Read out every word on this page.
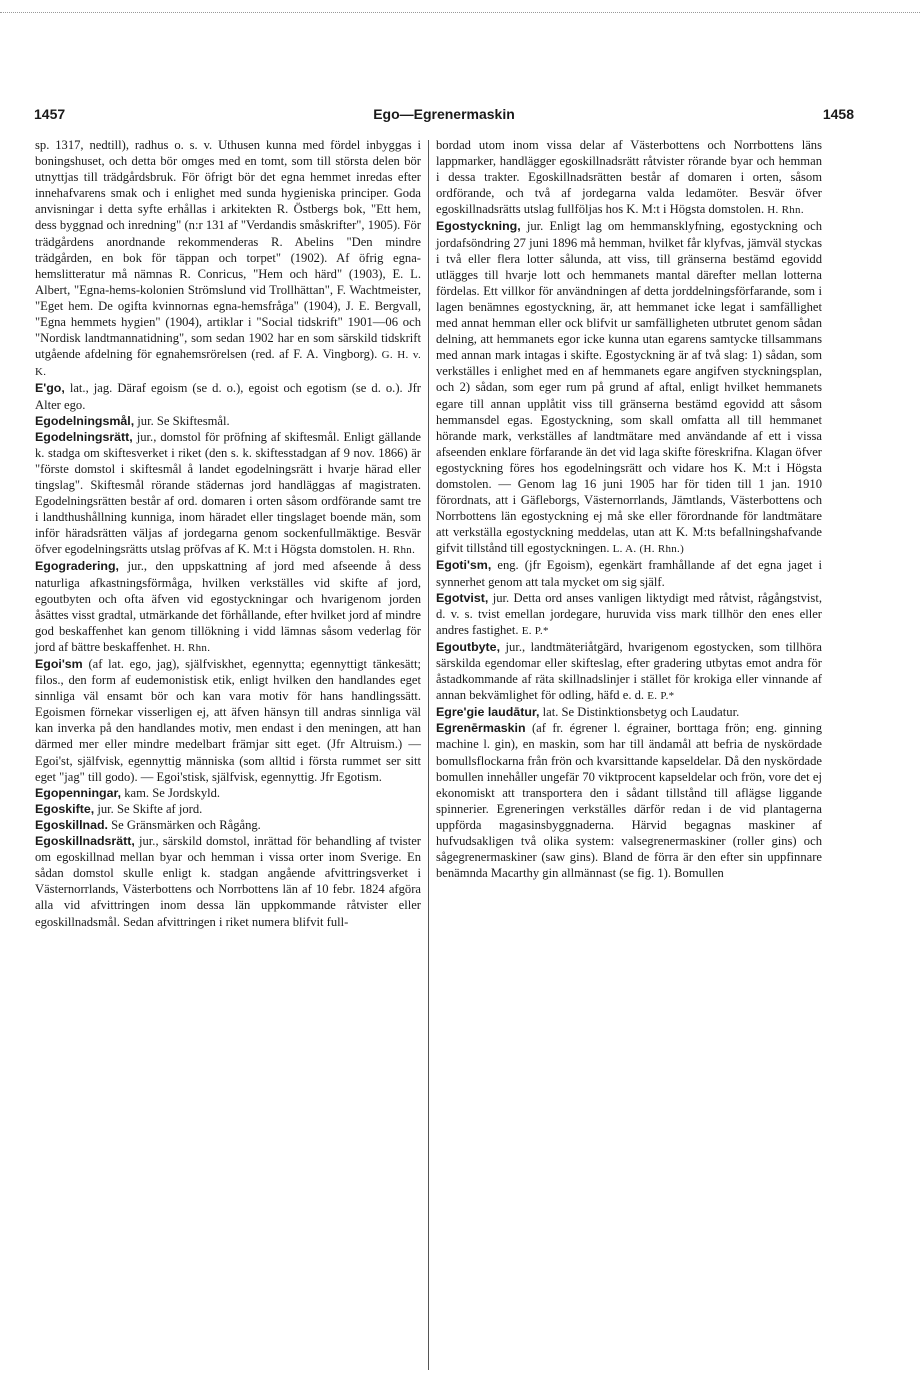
1457	Ego—Egrenermaskin	1458

sp. 1317, nedtill), radhus o. s. v. Uthusen kunna med fördel inbyggas i boningshuset, och detta bör omges med en tomt, som till största delen bör utnyttjas till trädgårdsbruk. För öfrigt bör det egna hemmet inredas efter innehafvarens smak och i enlighet med sunda hygieniska principer. Goda anvisningar i detta syfte erhållas i arkitekten R. Östbergs bok, "Ett hem, dess byggnad och inredning" (n:r 131 af "Verdandis småskrifter", 1905). För trädgårdens anordnande rekommenderas R. Abelins "Den mindre trädgården, en bok för täppan och torpet" (1902). Af öfrig egna-hemslitteratur må nämnas R. Conricus, "Hem och härd" (1903), E. L. Albert, "Egna-hems-kolonien Strömslund vid Trollhättan", F. Wachtmeister, "Eget hem. De ogifta kvinnornas egna-hemsfråga" (1904), J. E. Bergvall, "Egna hemmets hygien" (1904), artiklar i "Social tidskrift" 1901—06 och "Nordisk landtmannatidning", som sedan 1902 har en som särskild tidskrift utgående afdelning för egnahemsrörelsen (red. af F. A. Vingborg). G. H. v. K.

E'go, lat., jag. Däraf egoism (se d. o.), egoist och egotism (se d. o.). Jfr Alter ego.

Egodelningsmål, jur. Se Skiftesmål.

Egodelningsrätt, jur., domstol för pröfning af skiftesmål. Enligt gällande k. stadga om skiftesverket i riket (den s. k. skiftesstadgan af 9 nov. 1866) är "förste domstol i skiftesmål å landet egodelningsrätt i hvarje härad eller tingslag". Skiftesmål rörande städernas jord handläggas af magistraten. Egodelningsrätten består af ord. domaren i orten såsom ordförande samt tre i landthushållning kunniga, inom häradet eller tingslaget boende män, som inför häradsrätten väljas af jordegarna genom sockenfullmäktige. Besvär öfver egodelningsrätts utslag pröfvas af K. M:t i Högsta domstolen. H. Rhn.

Egogradering, jur., den uppskattning af jord med afseende å dess naturliga afkastningsförmåga, hvilken verkställes vid skifte af jord, egoutbyten och ofta äfven vid egostyckningar och hvarigenom jorden åsättes visst gradtal, utmärkande det förhållande, efter hvilket jord af mindre god beskaffenhet kan genom tillökning i vidd lämnas såsom vederlag för jord af bättre beskaffenhet. H. Rhn.

Egoi'sm (af lat. ego, jag), själfviskhet, egennytta; egennyttigt tänkesätt; filos., den form af eudemonistisk etik, enligt hvilken den handlandes eget sinnliga väl ensamt bör och kan vara motiv för hans handlingssätt. Egoismen förnekar visserligen ej, att äfven hänsyn till andras sinnliga väl kan inverka på den handlandes motiv, men endast i den meningen, att han därmed mer eller mindre medelbart främjar sitt eget. (Jfr Altruism.) — Egoi'st, själfvisk, egennyttig människa (som alltid i första rummet ser sitt eget "jag" till godo). — Egoi'stisk, själfvisk, egennyttig. Jfr Egotism.

Egopenningar, kam. Se Jordskyld.

Egoskifte, jur. Se Skifte af jord.

Egoskillnad. Se Gränsmärken och Rågång.

Egoskillnadsrätt, jur., särskild domstol, inrättad för behandling af tvister om egoskillnad mellan byar och hemman i vissa orter inom Sverige. En sådan domstol skulle enligt k. stadgan angående afvittringsverket i Västernorrlands, Västerbottens och Norrbottens län af 10 febr. 1824 afgöra alla vid afvittringen inom dessa län uppkommande råtvister eller egoskillnadsmål. Sedan afvittringen i riket numera blifvit full-

bordad utom inom vissa delar af Västerbottens och Norrbottens läns lappmarker, handlägger egoskillnadsrätt råtvister rörande byar och hemman i dessa trakter. Egoskillnadsrätten består af domaren i orten, såsom ordförande, och två af jordegarna valda ledamöter. Besvär öfver egoskillnadsrätts utslag fullföljas hos K. M:t i Högsta domstolen. H. Rhn.

Egostyckning, jur. Enligt lag om hemmansklyfning, egostyckning och jordafsöndring 27 juni 1896 må hemman, hvilket får klyfvas, jämväl styckas i två eller flera lotter sålunda, att viss, till gränserna bestämd egovidd utlägges till hvarje lott och hemmanets mantal därefter mellan lotterna fördelas. Ett villkor för användningen af detta jorddelningsförfarande, som i lagen benämnes egostyckning, är, att hemmanet icke legat i samfällighet med annat hemman eller ock blifvit ur samfälligheten utbrutet genom sådan delning, att hemmanets egor icke kunna utan egarens samtycke tillsammans med annan mark intagas i skifte. Egostyckning är af två slag: 1) sådan, som verkställes i enlighet med en af hemmanets egare angifven styckningsplan, och 2) sådan, som eger rum på grund af aftal, enligt hvilket hemmanets egare till annan upplåtit viss till gränserna bestämd egovidd att såsom hemmansdel egas. Egostyckning, som skall omfatta all till hemmanet hörande mark, verkställes af landtmätare med användande af ett i vissa afseenden enklare förfarande än det vid laga skifte föreskrifna. Klagan öfver egostyckning föres hos egodelningsrätt och vidare hos K. M:t i Högsta domstolen. — Genom lag 16 juni 1905 har för tiden till 1 jan. 1910 förordnats, att i Gäfleborgs, Västernorrlands, Jämtlands, Västerbottens och Norrbottens län egostyckning ej må ske eller förordnande för landtmätare att verkställa egostyckning meddelas, utan att K. M:ts befallningshafvande gifvit tillstånd till egostyckningen. L. A. (H. Rhn.)

Egoti'sm, eng. (jfr Egoism), egenkärt framhållande af det egna jaget i synnerhet genom att tala mycket om sig själf.

Egotvist, jur. Detta ord anses vanligen liktydigt med råtvist, rågångstvist, d. v. s. tvist emellan jordegare, huruvida viss mark tillhör den enes eller andres fastighet. E. P.*

Egoutbyte, jur., landtmäteriåtgärd, hvarigenom egostycken, som tillhöra särskilda egendomar eller skifteslag, efter gradering utbytas emot andra för åstadkommande af räta skillnadslinjer i stället för krokiga eller vinnande af annan bekvämlighet för odling, häfd e. d. E. P.*

Egre'gie laudātur, lat. Se Distinktionsbetyg och Laudatur.

Egrenērmaskin (af fr. égrener l. égrainer, borttaga frön; eng. ginning machine l. gin), en maskin, som har till ändamål att befria de nyskördade bomullsflockarna från frön och kvarsittande kapseldelar. Då den nyskördade bomullen innehåller ungefär 70 viktprocent kapseldelar och frön, vore det ej ekonomiskt att transportera den i sådant tillstånd till aflägse liggande spinnerier. Egreneringen verkställes därför redan i de vid plantagerna uppförda magasinsbyggnaderna. Härvid begagnas maskiner af hufvudsakligen två olika system: valsegrenermaskiner (roller gins) och sågegrenermaskiner (saw gins). Bland de förra är den efter sin uppfinnare benämnda Macarthy gin allmännast (se fig. 1). Bomullen
